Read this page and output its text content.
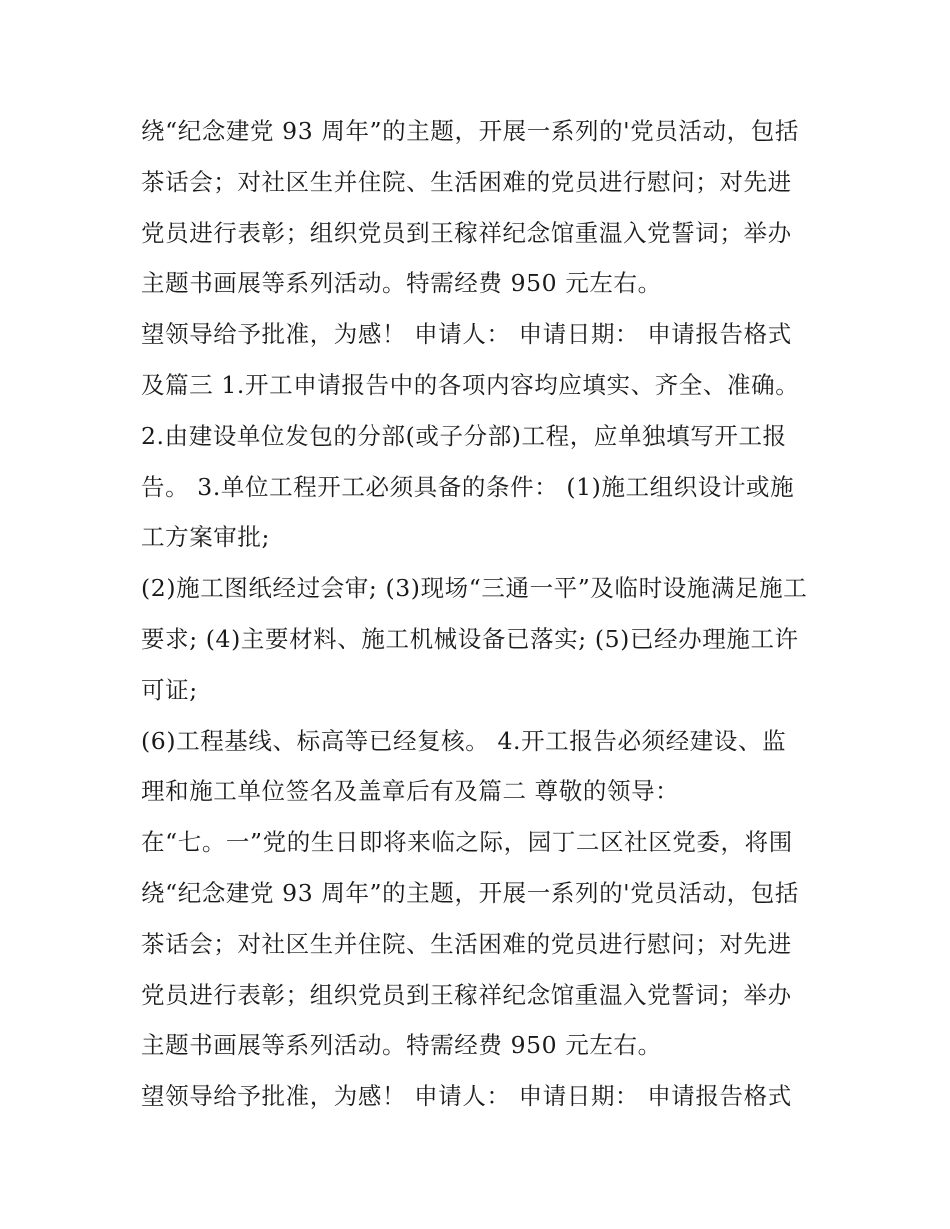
绕“纪念建党 93 周年”的主题，开展一系列的'党员活动，包括
茶话会；对社区生并住院、生活困难的党员进行慰问；对先进
党员进行表彰；组织党员到王稼祥纪念馆重温入党誓词；举办
主题书画展等系列活动。特需经费 950 元左右。
望领导给予批准，为感！ 申请人： 申请日期： 申请报告格式
及篇三 1.开工申请报告中的各项内容均应填实、齐全、准确。
2.由建设单位发包的分部(或子分部)工程，应单独填写开工报
告。 3.单位工程开工必须具备的条件： (1)施工组织设计或施
工方案审批;
(2)施工图纸经过会审; (3)现场“三通一平”及临时设施满足施工
要求; (4)主要材料、施工机械设备已落实; (5)已经办理施工许
可证;
(6)工程基线、标高等已经复核。 4.开工报告必须经建设、监
理和施工单位签名及盖章后有及篇二 尊敬的领导：
在“七。一”党的生日即将来临之际，园丁二区社区党委，将围
绕“纪念建党 93 周年”的主题，开展一系列的'党员活动，包括
茶话会；对社区生并住院、生活困难的党员进行慰问；对先进
党员进行表彰；组织党员到王稼祥纪念馆重温入党誓词；举办
主题书画展等系列活动。特需经费 950 元左右。
望领导给予批准，为感！ 申请人： 申请日期： 申请报告格式
